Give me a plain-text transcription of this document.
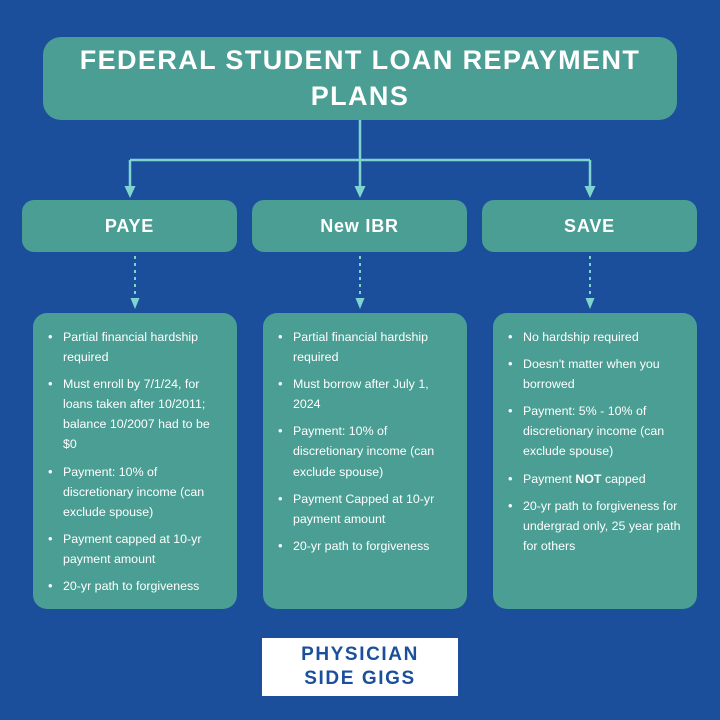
FEDERAL STUDENT LOAN REPAYMENT PLANS
PAYE	New IBR	SAVE
• Partial financial hardship required
• Must enroll by 7/1/24, for loans taken after 10/2011; balance 10/2007 had to be $0
• Payment: 10% of discretionary income (can exclude spouse)
• Payment capped at 10-yr payment amount
• 20-yr path to forgiveness
• Partial financial hardship required
• Must borrow after July 1, 2024
• Payment: 10% of discretionary income (can exclude spouse)
• Payment Capped at 10-yr payment amount
• 20-yr path to forgiveness
• No hardship required
• Doesn't matter when you borrowed
• Payment: 5% - 10% of discretionary income (can exclude spouse)
• Payment NOT capped
• 20-yr path to forgiveness for undergrad only, 25 year path for others
PHYSICIAN
SIDE GIGS
